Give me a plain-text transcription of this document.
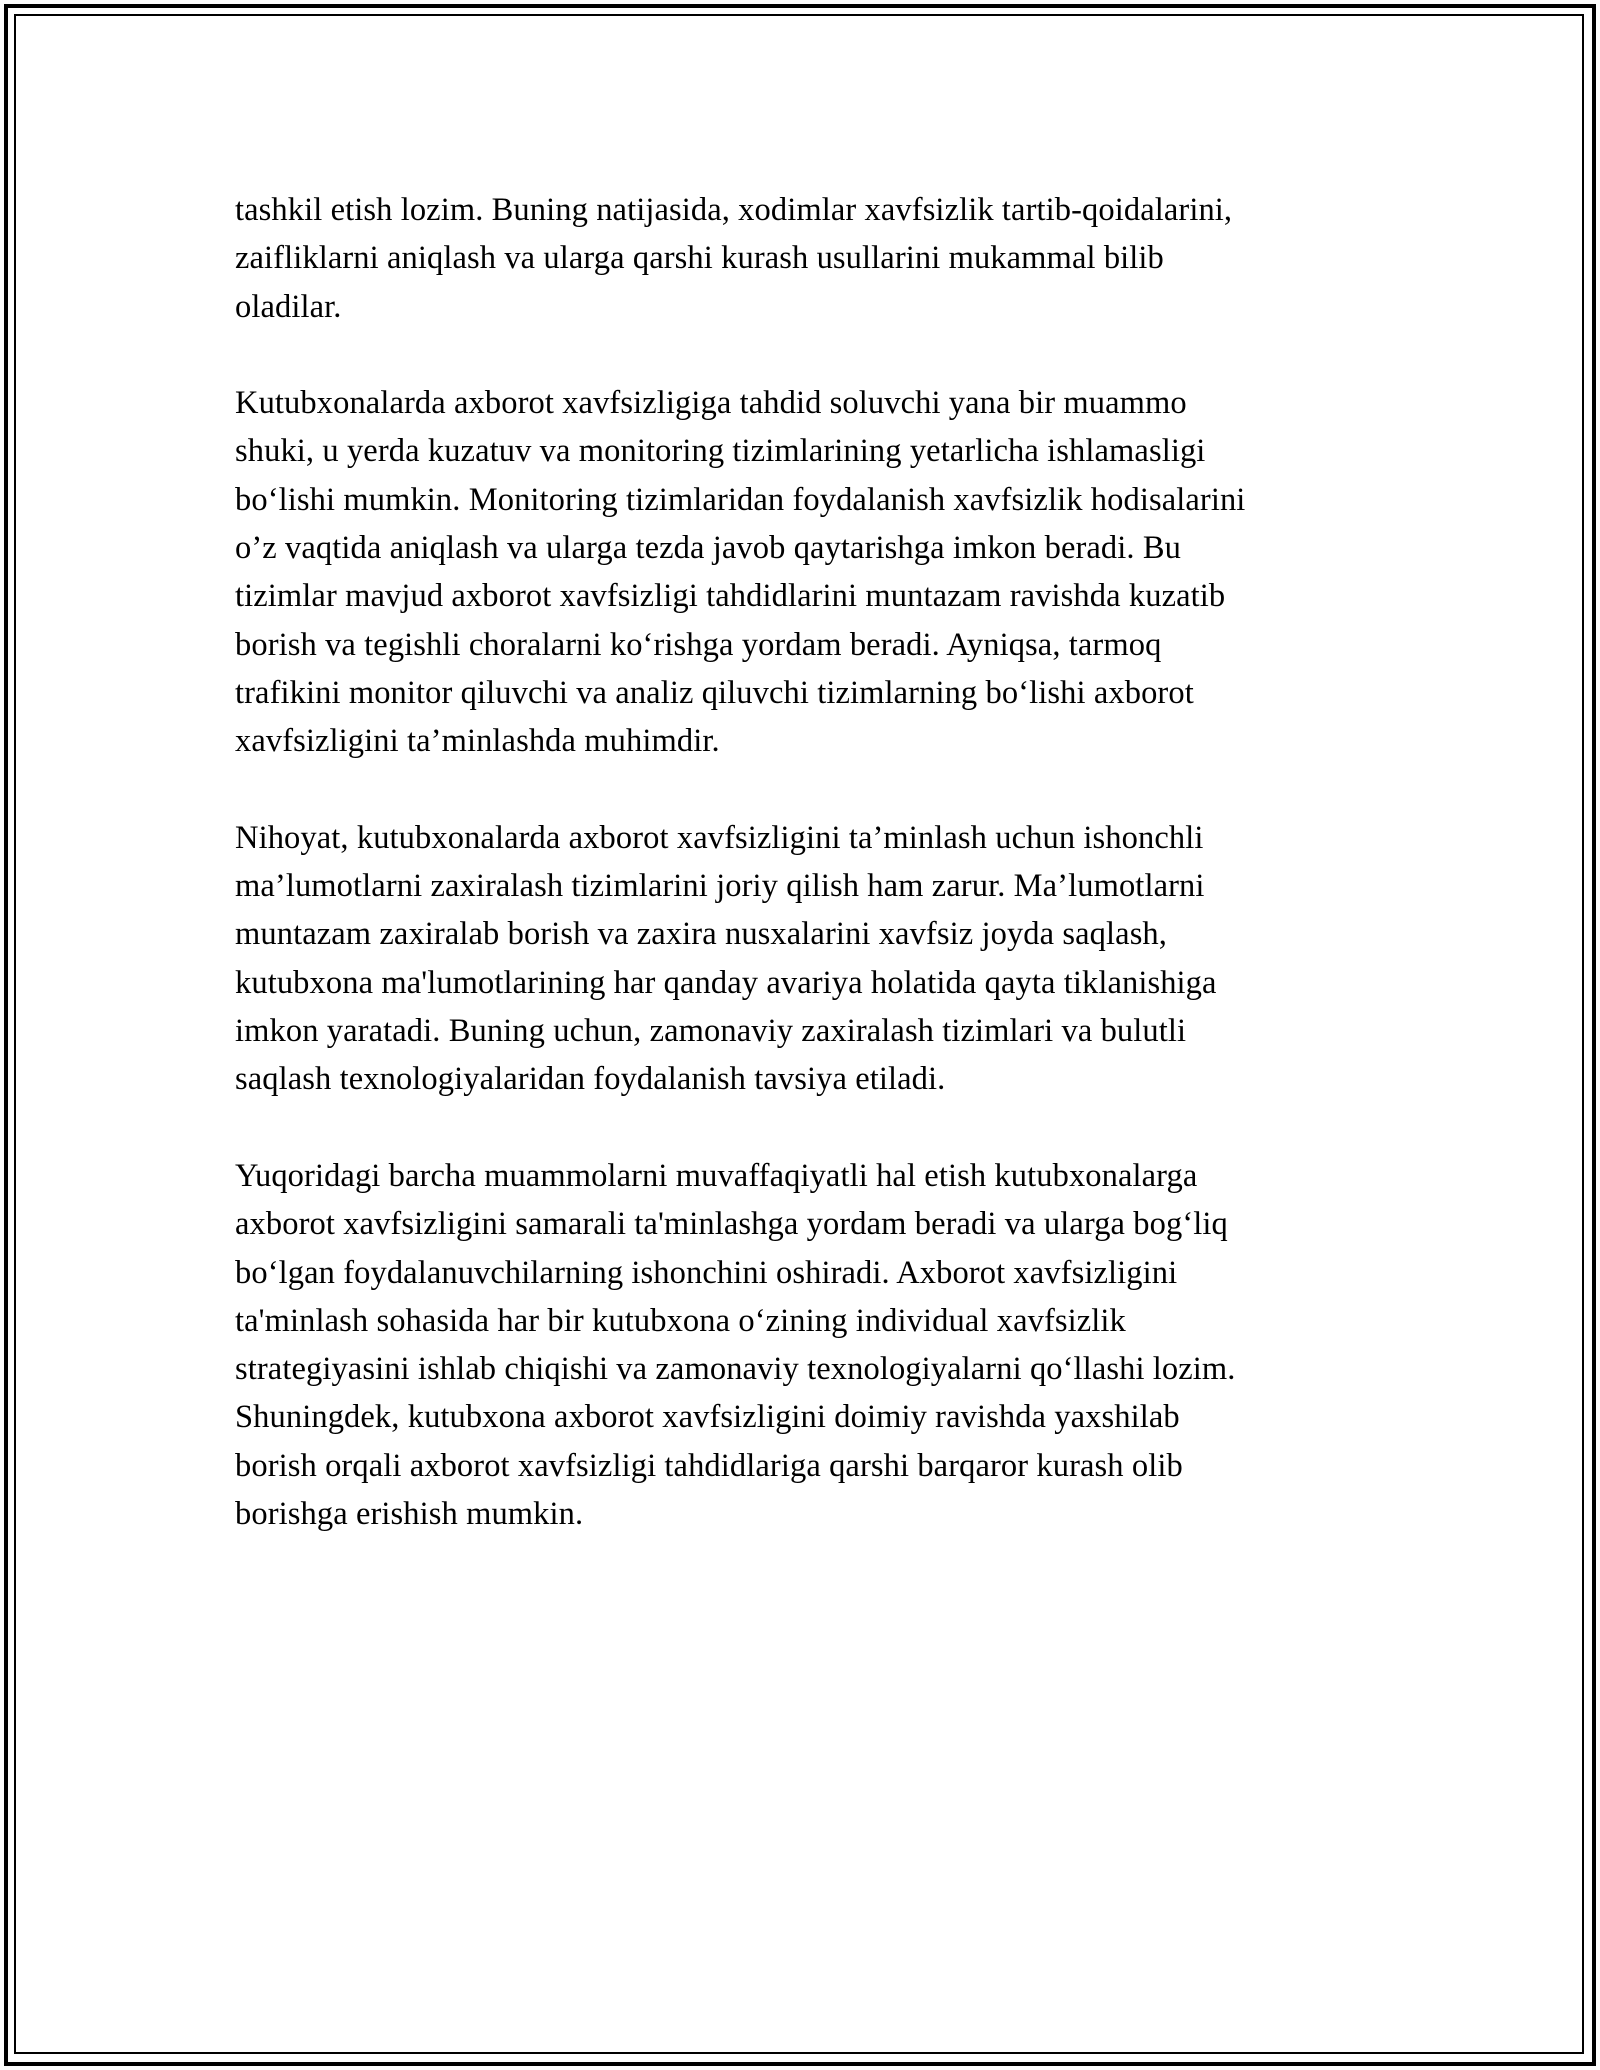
tashkil etish lozim. Buning natijasida, xodimlar xavfsizlik tartib-qoidalarini,
zaifliklarni aniqlash va ularga qarshi kurash usullarini mukammal bilib
oladilar.

Kutubxonalarda axborot xavfsizligiga tahdid soluvchi yana bir muammo
shuki, u yerda kuzatuv va monitoring tizimlarining yetarlicha ishlamasligi
bo‘lishi mumkin. Monitoring tizimlaridan foydalanish xavfsizlik hodisalarini
o’z vaqtida aniqlash va ularga tezda javob qaytarishga imkon beradi. Bu
tizimlar mavjud axborot xavfsizligi tahdidlarini muntazam ravishda kuzatib
borish va tegishli choralarni ko‘rishga yordam beradi. Ayniqsa, tarmoq
trafikini monitor qiluvchi va analiz qiluvchi tizimlarning bo‘lishi axborot
xavfsizligini ta’minlashda muhimdir.

Nihoyat, kutubxonalarda axborot xavfsizligini ta’minlash uchun ishonchli
ma’lumotlarni zaxiralash tizimlarini joriy qilish ham zarur. Ma’lumotlarni
muntazam zaxiralab borish va zaxira nusxalarini xavfsiz joyda saqlash,
kutubxona ma'lumotlarining har qanday avariya holatida qayta tiklanishiga
imkon yaratadi. Buning uchun, zamonaviy zaxiralash tizimlari va bulutli
saqlash texnologiyalaridan foydalanish tavsiya etiladi.

Yuqoridagi barcha muammolarni muvaffaqiyatli hal etish kutubxonalarga
axborot xavfsizligini samarali ta'minlashga yordam beradi va ularga bog‘liq
bo‘lgan foydalanuvchilarning ishonchini oshiradi. Axborot xavfsizligini
ta'minlash sohasida har bir kutubxona o‘zining individual xavfsizlik
strategiyasini ishlab chiqishi va zamonaviy texnologiyalarni qo‘llashi lozim.
Shuningdek, kutubxona axborot xavfsizligini doimiy ravishda yaxshilab
borish orqali axborot xavfsizligi tahdidlariga qarshi barqaror kurash olib
borishga erishish mumkin.
